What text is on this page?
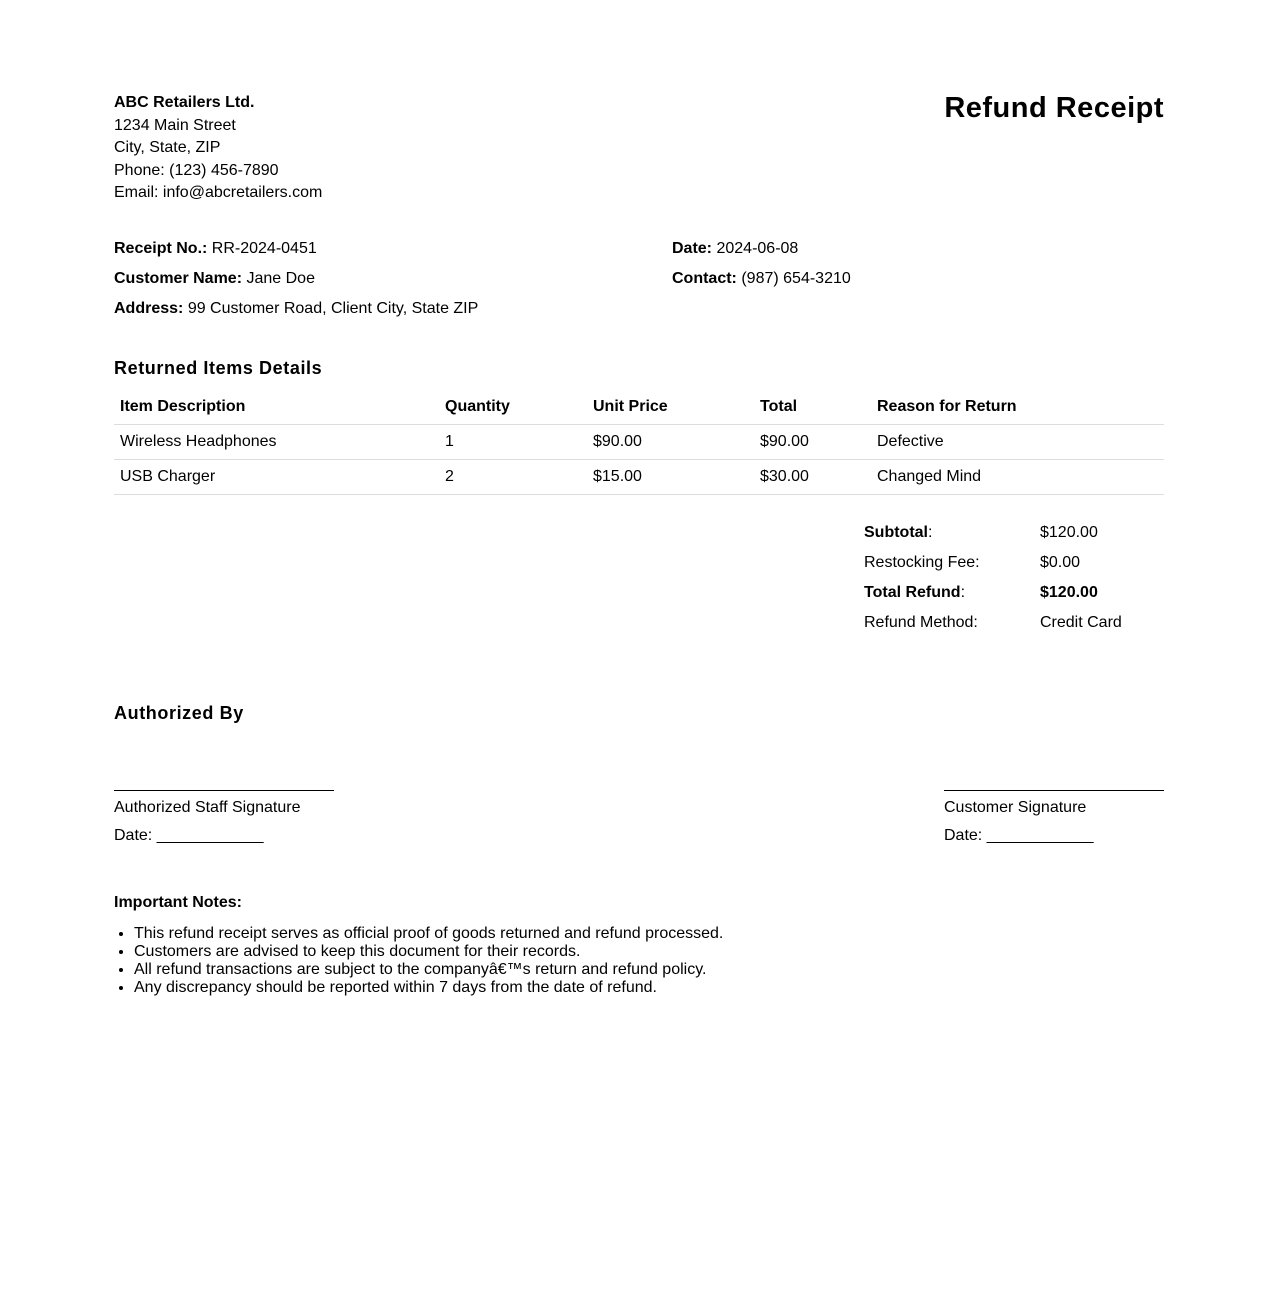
ABC Retailers Ltd.
1234 Main Street
City, State, ZIP
Phone: (123) 456-7890
Email: info@abcretailers.com
Refund Receipt
Receipt No.: RR-2024-0451	Date: 2024-06-08
Customer Name: Jane Doe	Contact: (987) 654-3210
Address: 99 Customer Road, Client City, State ZIP
Returned Items Details
Item Description	Quantity	Unit Price	Total	Reason for Return
Wireless Headphones	1	$90.00	$90.00	Defective
USB Charger	2	$15.00	$30.00	Changed Mind
Subtotal:	$120.00
Restocking Fee:	$0.00
Total Refund:	$120.00
Refund Method:	Credit Card
Authorized By
Authorized Staff Signature
Date: ____________
Customer Signature
Date: ____________
Important Notes:
• This refund receipt serves as official proof of goods returned and refund processed.
• Customers are advised to keep this document for their records.
• All refund transactions are subject to the companyâ€™s return and refund policy.
• Any discrepancy should be reported within 7 days from the date of refund.
